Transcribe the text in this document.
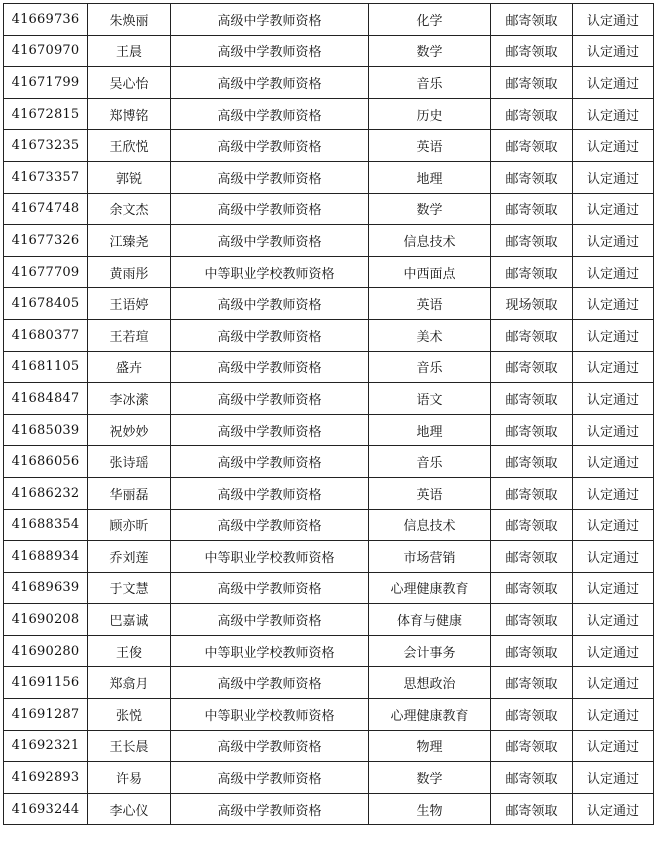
41669736	朱焕丽	高级中学教师资格	化学	邮寄领取	认定通过
41670970	王晨	高级中学教师资格	数学	邮寄领取	认定通过
41671799	吴心怡	高级中学教师资格	音乐	邮寄领取	认定通过
41672815	郑博铭	高级中学教师资格	历史	邮寄领取	认定通过
41673235	王欣悦	高级中学教师资格	英语	邮寄领取	认定通过
41673357	郭锐	高级中学教师资格	地理	邮寄领取	认定通过
41674748	余文杰	高级中学教师资格	数学	邮寄领取	认定通过
41677326	江臻尧	高级中学教师资格	信息技术	邮寄领取	认定通过
41677709	黄雨彤	中等职业学校教师资格	中西面点	邮寄领取	认定通过
41678405	王语婷	高级中学教师资格	英语	现场领取	认定通过
41680377	王若瑄	高级中学教师资格	美术	邮寄领取	认定通过
41681105	盛卉	高级中学教师资格	音乐	邮寄领取	认定通过
41684847	李冰潆	高级中学教师资格	语文	邮寄领取	认定通过
41685039	祝妙妙	高级中学教师资格	地理	邮寄领取	认定通过
41686056	张诗瑶	高级中学教师资格	音乐	邮寄领取	认定通过
41686232	华丽磊	高级中学教师资格	英语	邮寄领取	认定通过
41688354	顾亦昕	高级中学教师资格	信息技术	邮寄领取	认定通过
41688934	乔刘莲	中等职业学校教师资格	市场营销	邮寄领取	认定通过
41689639	于文慧	高级中学教师资格	心理健康教育	邮寄领取	认定通过
41690208	巴嘉诚	高级中学教师资格	体育与健康	邮寄领取	认定通过
41690280	王俊	中等职业学校教师资格	会计事务	邮寄领取	认定通过
41691156	郑翕月	高级中学教师资格	思想政治	邮寄领取	认定通过
41691287	张悦	中等职业学校教师资格	心理健康教育	邮寄领取	认定通过
41692321	王长晨	高级中学教师资格	物理	邮寄领取	认定通过
41692893	许易	高级中学教师资格	数学	邮寄领取	认定通过
41693244	李心仪	高级中学教师资格	生物	邮寄领取	认定通过
